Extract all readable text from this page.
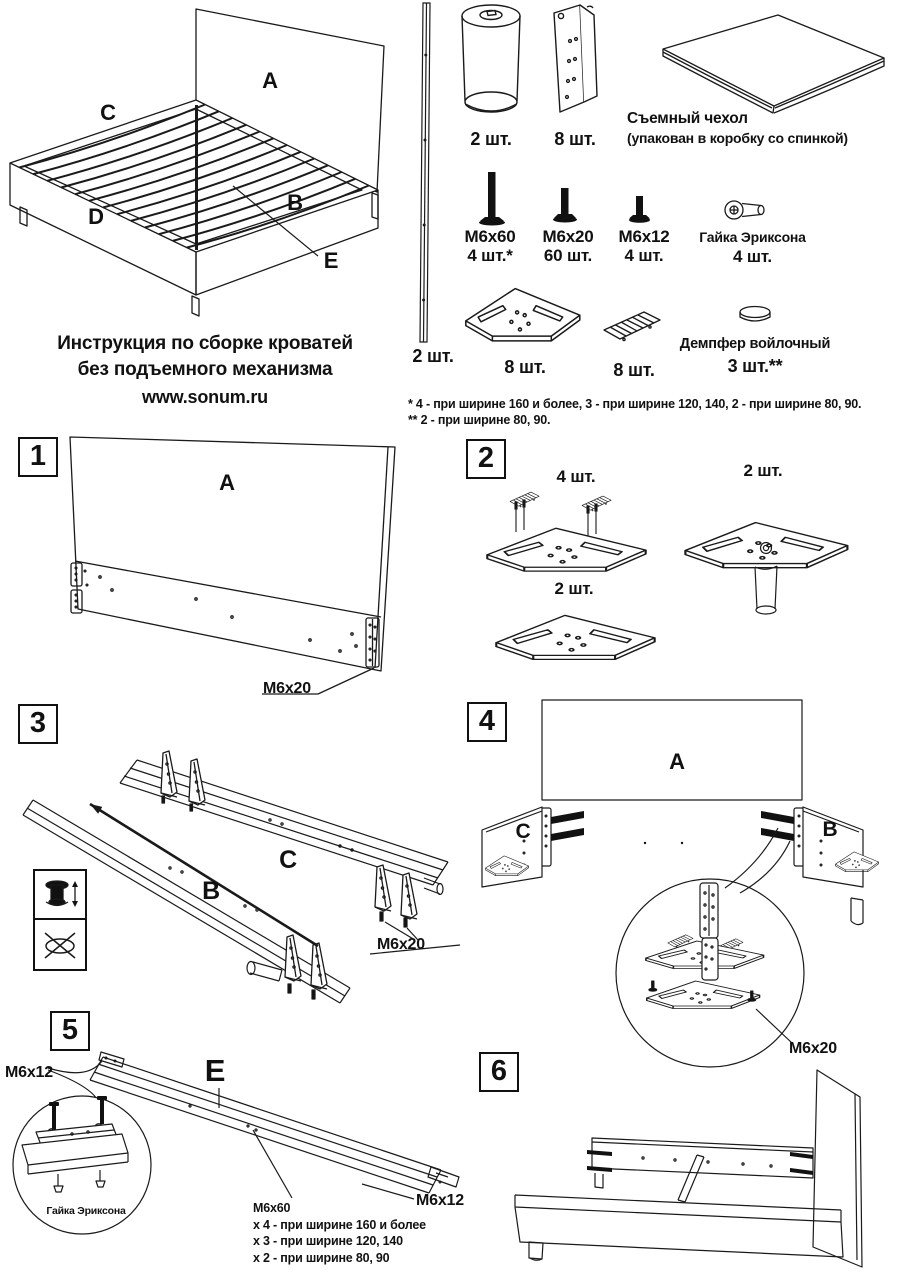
A
C
D
B
E
Инструкция по сборке кроватей
без подъемного механизма
www.sonum.ru
2 шт.
2 шт.	8 шт.
Съемный чехол
(упакован в коробку со спинкой)
M6x60
4 шт.*
M6x20
60 шт.
M6x12
4 шт.
Гайка Эриксона
4 шт.
8 шт.	8 шт.
Демпфер войлочный
3 шт.**
* 4 - при ширине 160 и более, 3 - при ширине 120, 140, 2 - при ширине 80, 90.
** 2 - при ширине 80, 90.
1
A
M6x20
2
4 шт.	2 шт.
2 шт.
3
B
C
M6x20
4
A
C	B
M6x20
5
M6x12	E
Гайка Эриксона	M6x60
x 4 - при ширине 160 и более
x 3 - при ширине 120, 140
x 2 - при ширине 80, 90
M6x12
6
